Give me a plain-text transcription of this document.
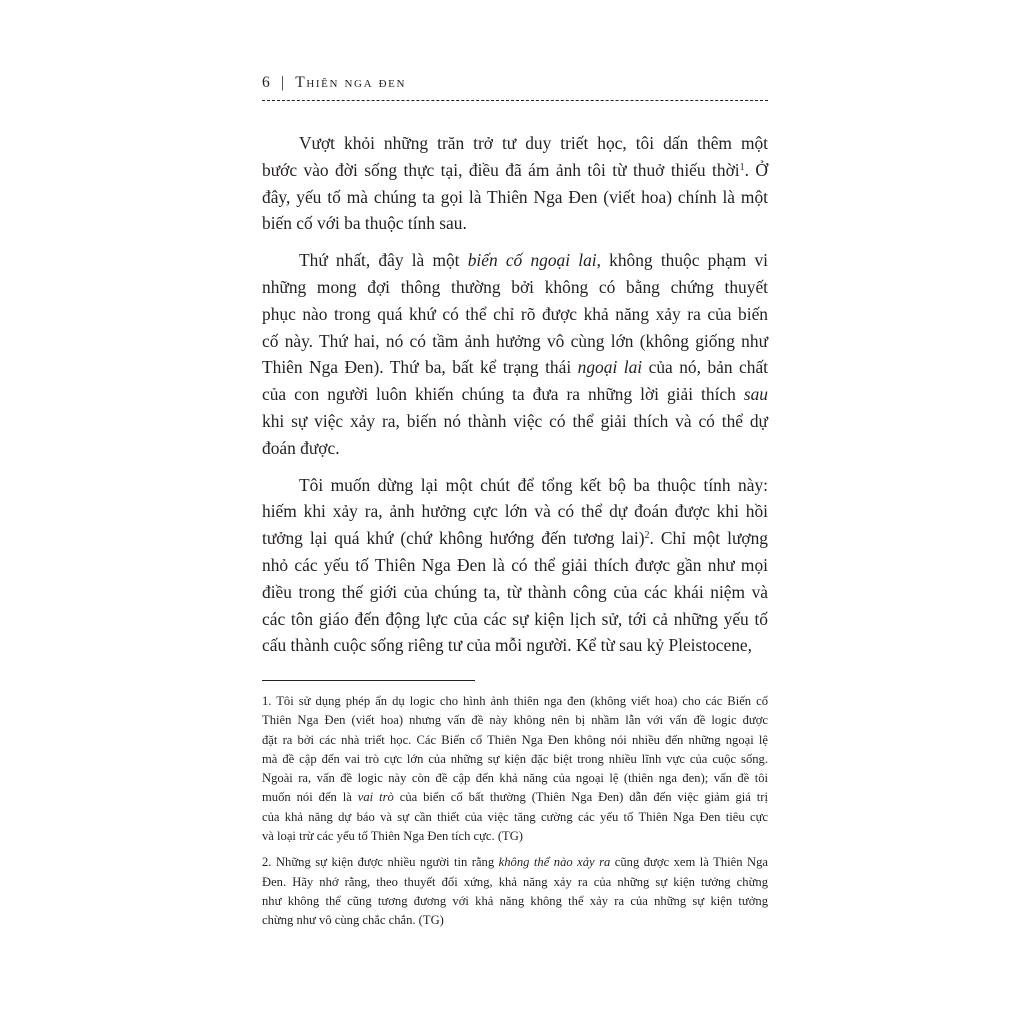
6 | Thiên nga đen
Vượt khỏi những trăn trở tư duy triết học, tôi dấn thêm một
bước vào đời sống thực tại, điều đã ám ảnh tôi từ thuở thiếu thời$^1$. Ở
đây, yếu tố mà chúng ta gọi là Thiên Nga Đen (viết hoa) chính là một
biến cố với ba thuộc tính sau.
Thứ nhất, đây là một biến cố ngoại lai, không thuộc phạm vi
những mong đợi thông thường bởi không có bằng chứng thuyết
phục nào trong quá khứ có thể chỉ rõ được khả năng xảy ra của biến
cố này. Thứ hai, nó có tầm ảnh hưởng vô cùng lớn (không giống như
Thiên Nga Đen). Thứ ba, bất kể trạng thái ngoại lai của nó, bản chất
của con người luôn khiến chúng ta đưa ra những lời giải thích sau
khi sự việc xảy ra, biến nó thành việc có thể giải thích và có thể dự
đoán được.
Tôi muốn dừng lại một chút để tổng kết bộ ba thuộc tính này:
hiếm khi xảy ra, ảnh hưởng cực lớn và có thể dự đoán được khi hồi
tưởng lại quá khứ (chứ không hướng đến tương lai)$^2$. Chỉ một lượng
nhỏ các yếu tố Thiên Nga Đen là có thể giải thích được gần như mọi
điều trong thế giới của chúng ta, từ thành công của các khái niệm và
các tôn giáo đến động lực của các sự kiện lịch sử, tới cả những yếu tố
cấu thành cuộc sống riêng tư của mỗi người. Kể từ sau kỷ Pleistocene,
1. Tôi sử dụng phép ẩn dụ logic cho hình ảnh thiên nga đen (không viết hoa) cho các Biến cố
Thiên Nga Đen (viết hoa) nhưng vấn đề này không nên bị nhầm lẫn với vấn đề logic được
đặt ra bởi các nhà triết học. Các Biến cố Thiên Nga Đen không nói nhiều đến những ngoại lệ
mà đề cập đến vai trò cực lớn của những sự kiện đặc biệt trong nhiều lĩnh vực của cuộc sống.
Ngoài ra, vấn đề logic này còn đề cập đến khả năng của ngoại lệ (thiên nga đen); vấn đề tôi
muốn nói đến là vai trò của biến cố bất thường (Thiên Nga Đen) dẫn đến việc giảm giá trị
của khả năng dự báo và sự cần thiết của việc tăng cường các yếu tố Thiên Nga Đen tiêu cực
và loại trừ các yếu tố Thiên Nga Đen tích cực. (TG)
2. Những sự kiện được nhiều người tin rằng không thể nào xảy ra cũng được xem là Thiên Nga
Đen. Hãy nhớ rằng, theo thuyết đối xứng, khả năng xảy ra của những sự kiện tưởng chừng
như không thể cũng tương đương với khả năng không thể xảy ra của những sự kiện tưởng
chừng như vô cùng chắc chắn. (TG)
